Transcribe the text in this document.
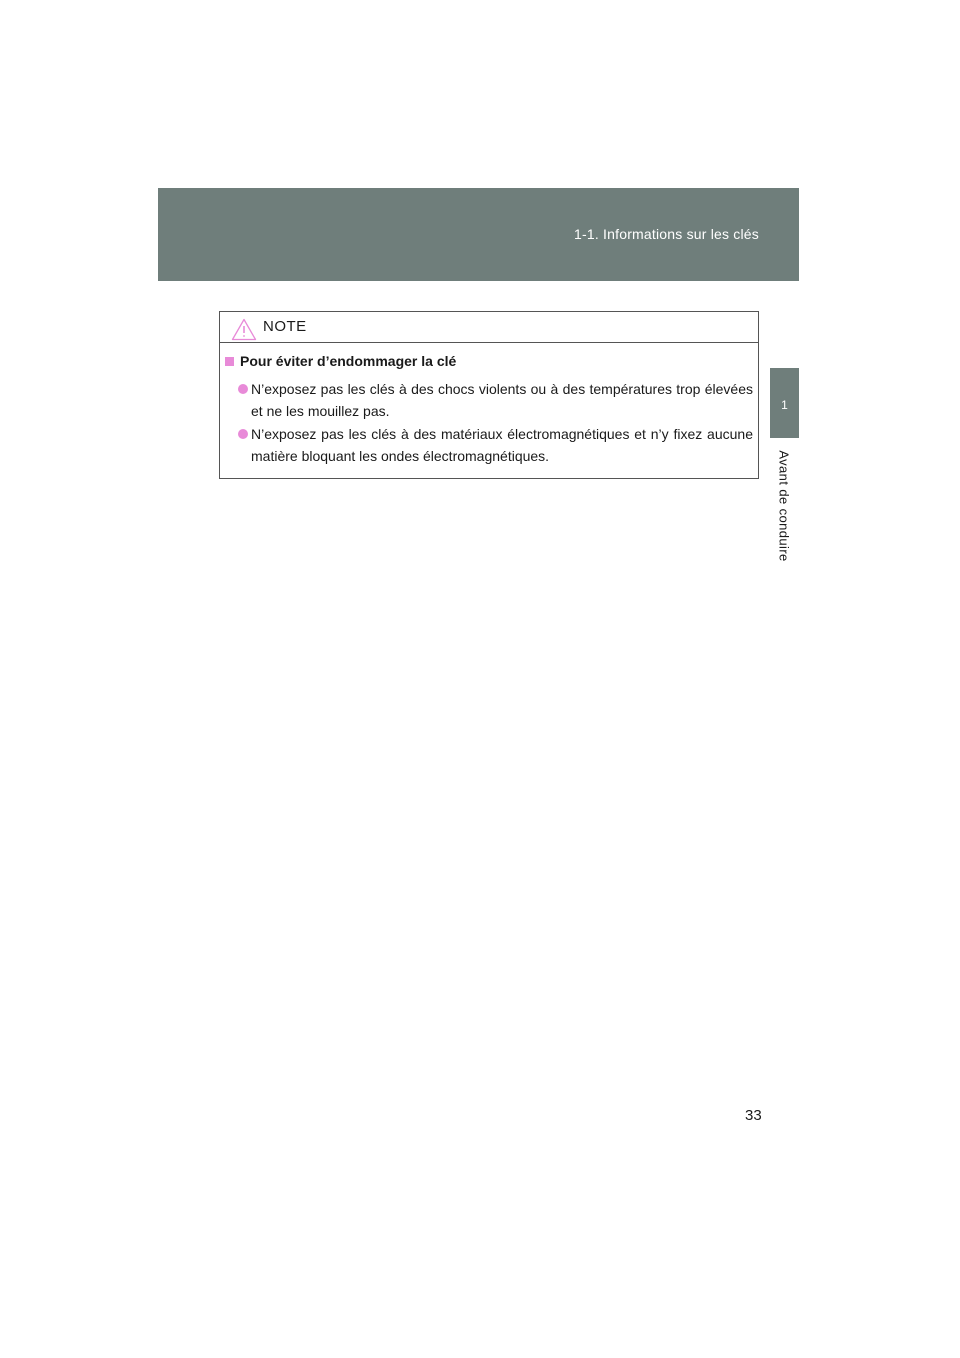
1-1. Informations sur les clés
1
Avant de conduire
NOTE
Pour éviter d’endommager la clé
N’exposez pas les clés à des chocs violents ou à des températures trop élevées et ne les mouillez pas.
N’exposez pas les clés à des matériaux électromagnétiques et n’y fixez aucune matière bloquant les ondes électromagnétiques.
33
